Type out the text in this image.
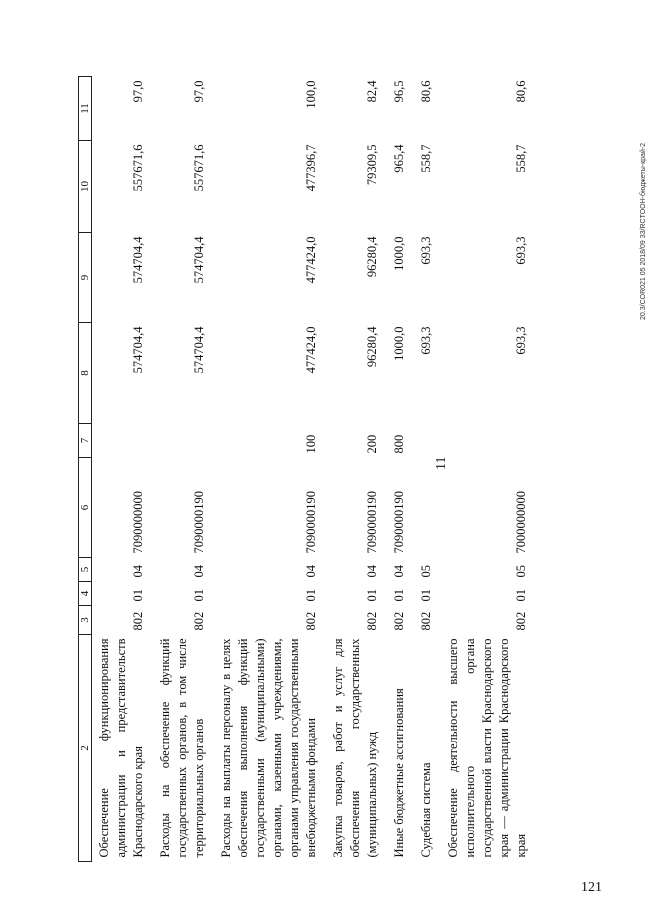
121
11
2	3	4	5	6	7	8	9	10	11
Обеспечение функционирования администрации и представительств Краснодарского края	802	01	04	7090000000		574704,4	574704,4	557671,6	97,0
Расходы на обеспечение функций государственных органов, в том числе территориальных органов	802	01	04	7090000190		574704,4	574704,4	557671,6	97,0
Расходы на выплаты персоналу в целях обеспечения выполнения функций государственными (муниципальными) органами, казенными учреждениями, органами управления государственными внебюджетными фондами	802	01	04	7090000190	100	477424,0	477424,0	477396,7	100,0
Закупка товаров, работ и услуг для обеспечения государственных (муниципальных) нужд	802	01	04	7090000190	200	96280,4	96280,4	79309,5	82,4
Иные бюджетные ассигнования	802	01	04	7090000190	800	1000,0	1000,0	965,4	96,5
Судебная система	802	01	05			693,3	693,3	558,7	80,6
Обеспечение деятельности высшего исполнительного органа государственной власти Краснодарского края — администрации Краснодарского края	802	01	05	7000000000		693,3	693,3	558,7	80,6
20.3/COR021 05 2018/09 33/RCTOOH-бюджеты-край-2
